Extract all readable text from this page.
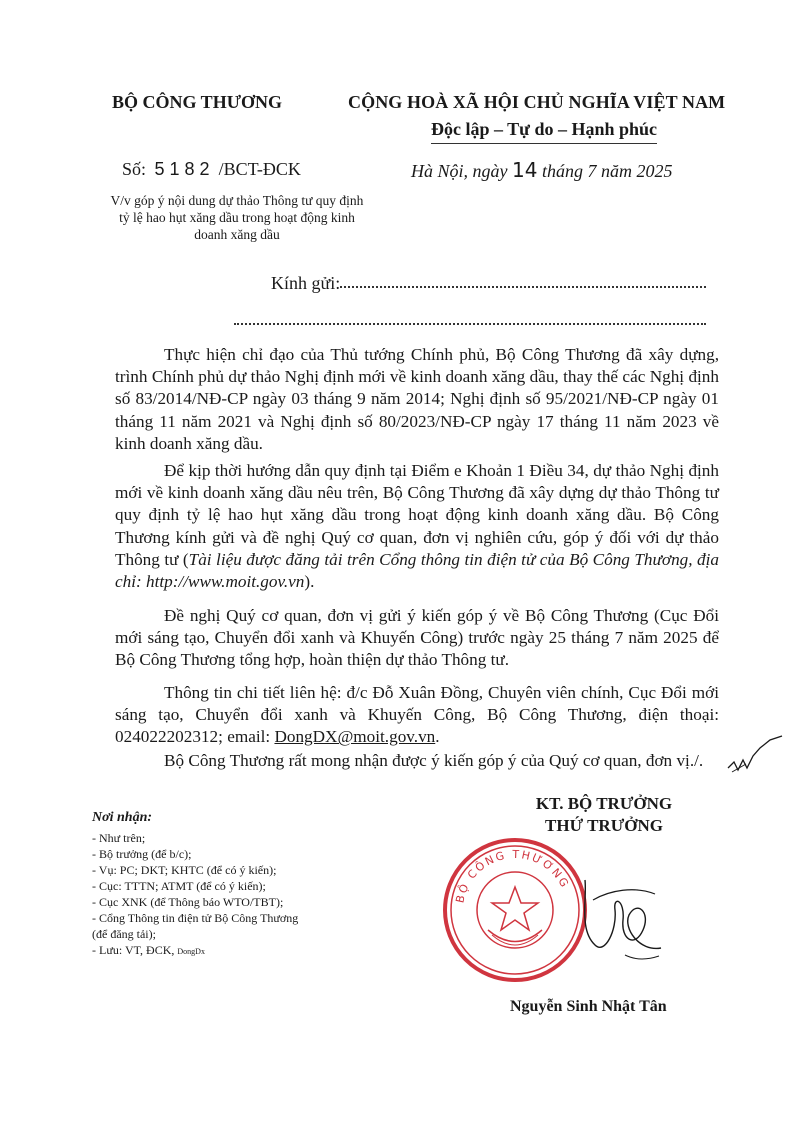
BỘ CÔNG THƯƠNG	CỘNG HOÀ XÃ HỘI CHỦ NGHĨA VIỆT NAM
Độc lập – Tự do – Hạnh phúc
Số: 5182 /BCT-ĐCK	Hà Nội, ngày 14 tháng 7 năm 2025
V/v góp ý nội dung dự thảo Thông tư quy định tỷ lệ hao hụt xăng dầu trong hoạt động kinh doanh xăng dầu
Kính gửi:

Thực hiện chỉ đạo của Thủ tướng Chính phủ, Bộ Công Thương đã xây dựng, trình Chính phủ dự thảo Nghị định mới về kinh doanh xăng dầu, thay thế các Nghị định số 83/2014/NĐ-CP ngày 03 tháng 9 năm 2014; Nghị định số 95/2021/NĐ-CP ngày 01 tháng 11 năm 2021 và Nghị định số 80/2023/NĐ-CP ngày 17 tháng 11 năm 2023 về kinh doanh xăng dầu.

Để kịp thời hướng dẫn quy định tại Điểm e Khoản 1 Điều 34, dự thảo Nghị định mới về kinh doanh xăng dầu nêu trên, Bộ Công Thương đã xây dựng dự thảo Thông tư quy định tỷ lệ hao hụt xăng dầu trong hoạt động kinh doanh xăng dầu. Bộ Công Thương kính gửi và đề nghị Quý cơ quan, đơn vị nghiên cứu, góp ý đối với dự thảo Thông tư (Tài liệu được đăng tải trên Cổng thông tin điện tử của Bộ Công Thương, địa chỉ: http://www.moit.gov.vn).

Đề nghị Quý cơ quan, đơn vị gửi ý kiến góp ý về Bộ Công Thương (Cục Đổi mới sáng tạo, Chuyển đổi xanh và Khuyến Công) trước ngày 25 tháng 7 năm 2025 để Bộ Công Thương tổng hợp, hoàn thiện dự thảo Thông tư.

Thông tin chi tiết liên hệ: đ/c Đỗ Xuân Đồng, Chuyên viên chính, Cục Đổi mới sáng tạo, Chuyển đổi xanh và Khuyến Công, Bộ Công Thương, điện thoại: 024022202312; email: DongDX@moit.gov.vn.

Bộ Công Thương rất mong nhận được ý kiến góp ý của Quý cơ quan, đơn vị./.

Nơi nhận:
- Như trên;
- Bộ trưởng (để b/c);
- Vụ: PC; DKT; KHTC (để có ý kiến);
- Cục: TTTN; ATMT (để có ý kiến);
- Cục XNK (để Thông báo WTO/TBT);
- Cổng Thông tin điện tử Bộ Công Thương
(để đăng tải);
- Lưu: VT, ĐCK, DongDx
KT. BỘ TRƯỞNG
THỨ TRƯỞNG
BỘ CÔNG THƯƠNG
Nguyễn Sinh Nhật Tân
